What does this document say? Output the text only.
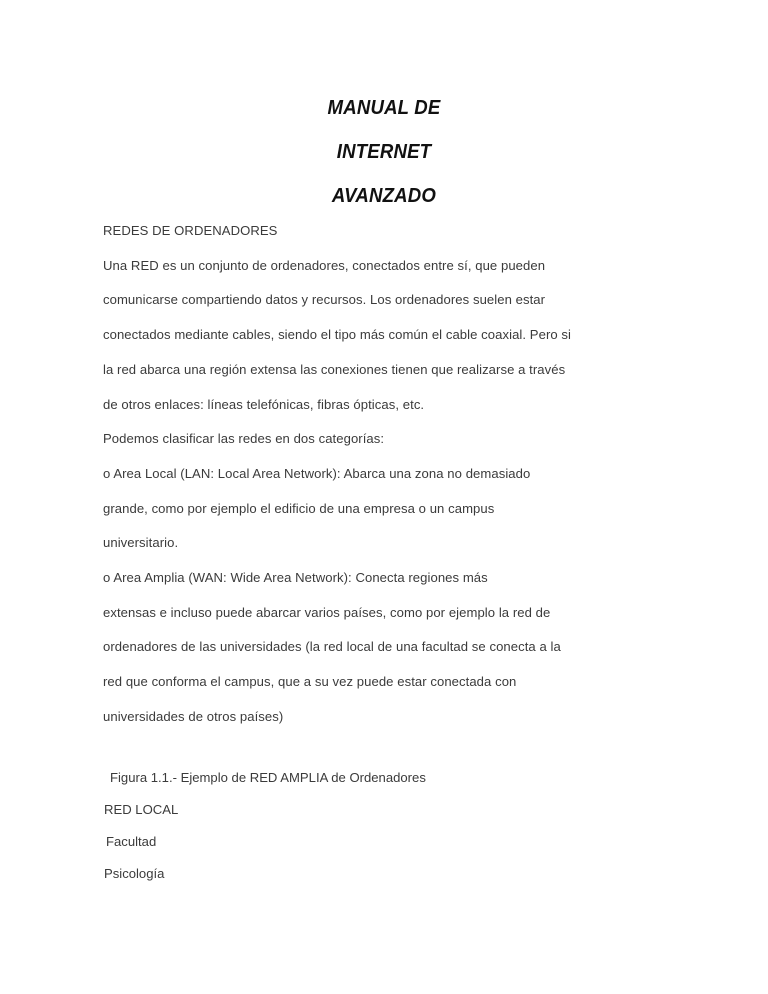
MANUAL DE
INTERNET
AVANZADO

REDES DE ORDENADORES

Una RED es un conjunto de ordenadores, conectados entre sí, que pueden

comunicarse compartiendo datos y recursos. Los ordenadores suelen estar

conectados mediante cables, siendo el tipo más común el cable coaxial. Pero si

la red abarca una región extensa las conexiones tienen que realizarse a través

de otros enlaces: líneas telefónicas, fibras ópticas, etc.

Podemos clasificar las redes en dos categorías:

o Area Local (LAN: Local Area Network): Abarca una zona no demasiado

grande, como por ejemplo el edificio de una empresa o un campus

universitario.

o Area Amplia (WAN: Wide Area Network): Conecta regiones más

extensas e incluso puede abarcar varios países, como por ejemplo la red de

ordenadores de las universidades (la red local de una facultad se conecta a la

red que conforma el campus, que a su vez puede estar conectada con

universidades de otros países)

Figura 1.1.- Ejemplo de RED AMPLIA de Ordenadores

RED LOCAL

Facultad

Psicología
